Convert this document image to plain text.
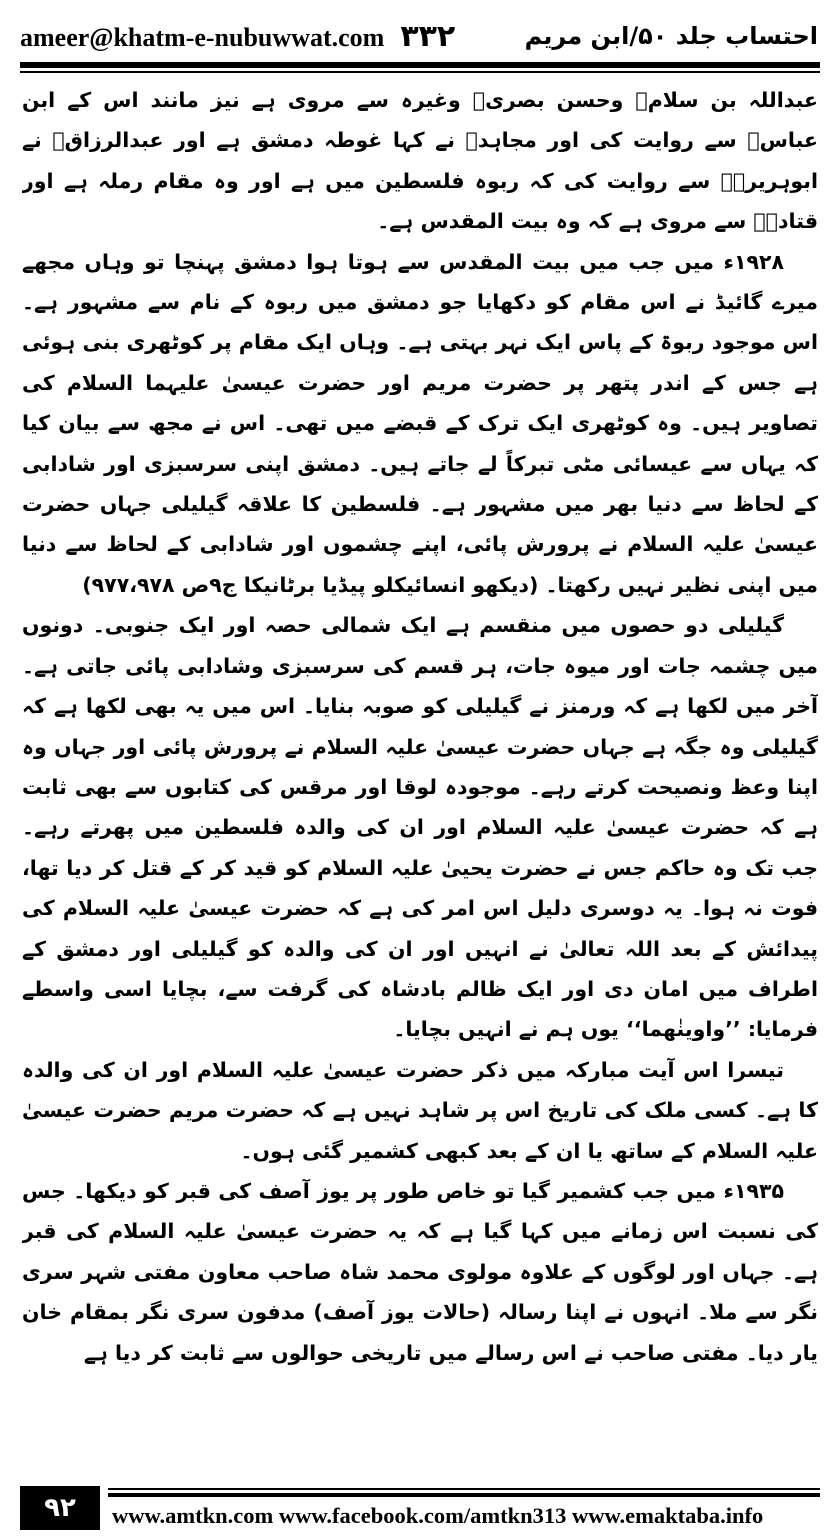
ameer@khatm-e-nubuwwat.com ۳۳۲	احتساب جلد ۵۰/ابن مریم

عبداللہ بن سلامؓ وحسن بصریؒ وغیرہ سے مروی ہے نیز مانند اس کے ابن عباسؓ سے روایت کی اور مجاہدؒ نے کہا غوطہ دمشق ہے اور عبدالرزاقؒ نے ابوہریرہؓ سے روایت کی کہ ربوہ فلسطین میں ہے اور وہ مقام رملہ ہے اور قتادہؒ سے مروی ہے کہ وہ بیت المقدس ہے۔

۱۹۲۸ء میں جب میں بیت المقدس سے ہوتا ہوا دمشق پہنچا تو وہاں مجھے میرے گائیڈ نے اس مقام کو دکھایا جو دمشق میں ربوہ کے نام سے مشہور ہے۔ اس موجود ربوۃ کے پاس ایک نہر بہتی ہے۔ وہاں ایک مقام پر کوٹھری بنی ہوئی ہے جس کے اندر پتھر پر حضرت مریم اور حضرت عیسیٰ علیہما السلام کی تصاویر ہیں۔ وہ کوٹھری ایک ترک کے قبضے میں تھی۔ اس نے مجھ سے بیان کیا کہ یہاں سے عیسائی مٹی تبرکاً لے جاتے ہیں۔ دمشق اپنی سرسبزی اور شادابی کے لحاظ سے دنیا بھر میں مشہور ہے۔ فلسطین کا علاقہ گیلیلی جہاں حضرت عیسیٰ علیہ السلام نے پرورش پائی، اپنے چشموں اور شادابی کے لحاظ سے دنیا میں اپنی نظیر نہیں رکھتا۔ (دیکھو انسائیکلو پیڈیا برٹانیکا ج۹ص ۹۷۷،۹۷۸)

گیلیلی دو حصوں میں منقسم ہے ایک شمالی حصہ اور ایک جنوبی۔ دونوں میں چشمہ جات اور میوہ جات، ہر قسم کی سرسبزی وشادابی پائی جاتی ہے۔ آخر میں لکھا ہے کہ ورمنز نے گیلیلی کو صوبہ بنایا۔ اس میں یہ بھی لکھا ہے کہ گیلیلی وہ جگہ ہے جہاں حضرت عیسیٰ علیہ السلام نے پرورش پائی اور جہاں وہ اپنا وعظ ونصیحت کرتے رہے۔ موجودہ لوقا اور مرقس کی کتابوں سے بھی ثابت ہے کہ حضرت عیسیٰ علیہ السلام اور ان کی والدہ فلسطین میں پھرتے رہے۔ جب تک وہ حاکم جس نے حضرت یحییٰ علیہ السلام کو قید کر کے قتل کر دیا تھا، فوت نہ ہوا۔ یہ دوسری دلیل اس امر کی ہے کہ حضرت عیسیٰ علیہ السلام کی پیدائش کے بعد اللہ تعالیٰ نے انہیں اور ان کی والدہ کو گیلیلی اور دمشق کے اطراف میں امان دی اور ایک ظالم بادشاہ کی گرفت سے، بچایا اسی واسطے فرمایا: ’’واوینٰھما‘‘ یوں ہم نے انہیں بچایا۔

تیسرا اس آیت مبارکہ میں ذکر حضرت عیسیٰ علیہ السلام اور ان کی والدہ کا ہے۔ کسی ملک کی تاریخ اس پر شاہد نہیں ہے کہ حضرت مریم حضرت عیسیٰ علیہ السلام کے ساتھ یا ان کے بعد کبھی کشمیر گئی ہوں۔

۱۹۳۵ء میں جب کشمیر گیا تو خاص طور پر یوز آصف کی قبر کو دیکھا۔ جس کی نسبت اس زمانے میں کہا گیا ہے کہ یہ حضرت عیسیٰ علیہ السلام کی قبر ہے۔ جہاں اور لوگوں کے علاوہ مولوی محمد شاہ صاحب معاون مفتی شہر سری نگر سے ملا۔ انہوں نے اپنا رسالہ (حالات یوز آصف) مدفون سری نگر بمقام خان یار دیا۔ مفتی صاحب نے اس رسالے میں تاریخی حوالوں سے ثابت کر دیا ہے

۹۲	www.amtkn.com www.facebook.com/amtkn313 www.emaktaba.info
